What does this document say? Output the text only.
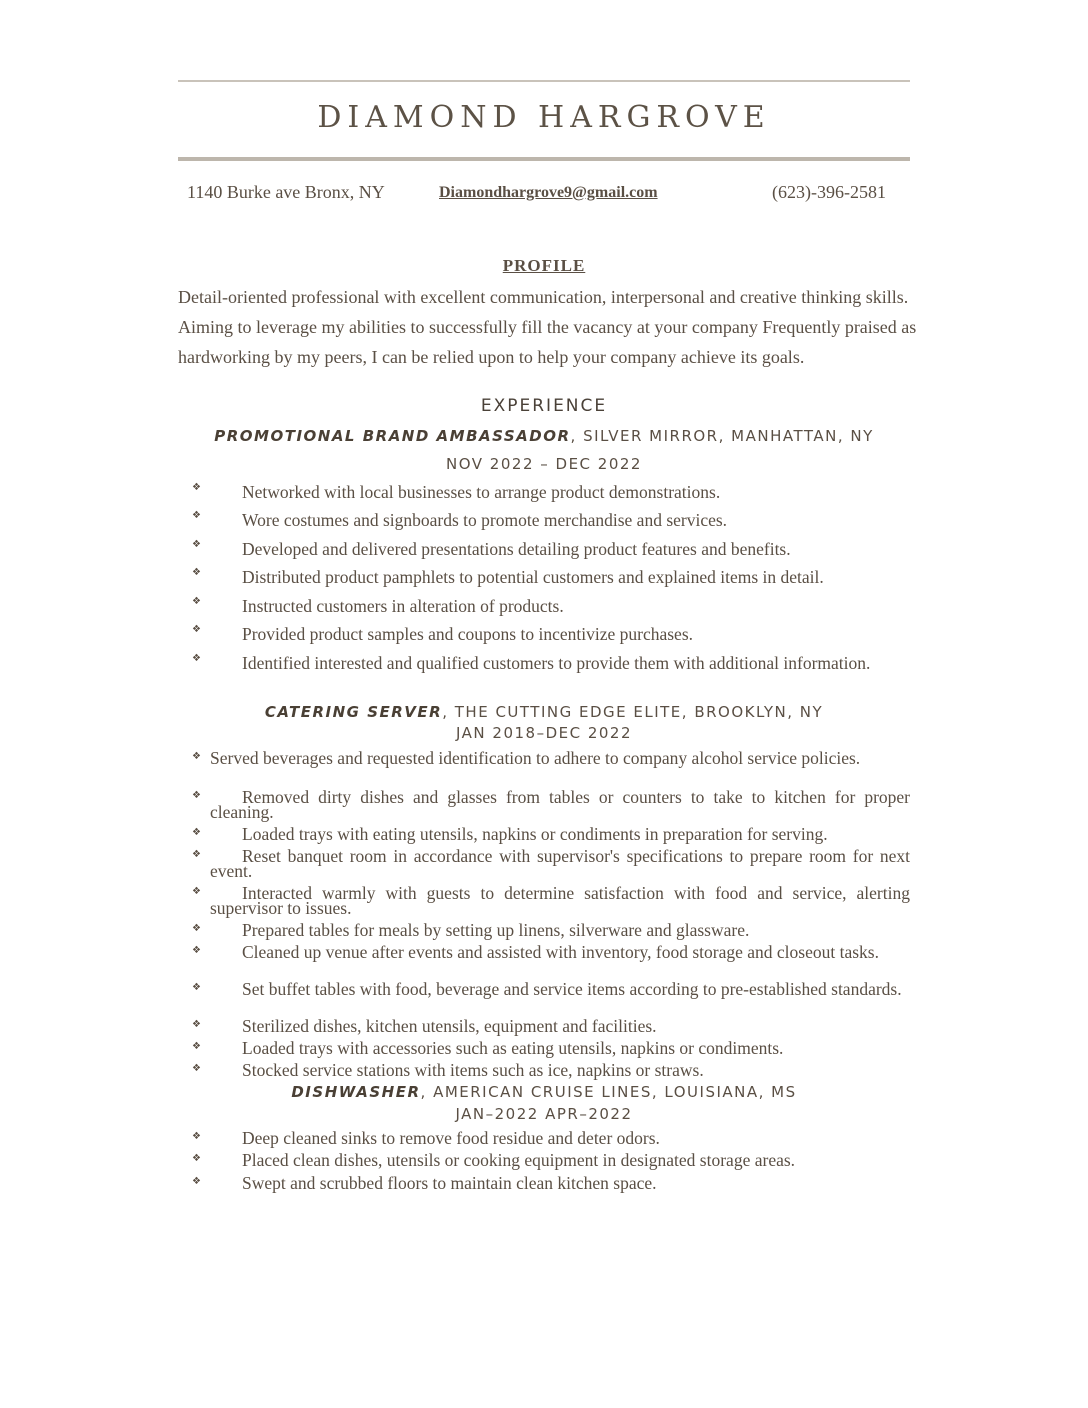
DIAMOND HARGROVE
1140 Burke ave Bronx, NY	Diamondhargrove9@gmail.com	(623)-396-2581
PROFILE
Detail-oriented professional with excellent communication, interpersonal and creative thinking skills. Aiming to leverage my abilities to successfully fill the vacancy at your company Frequently praised as hardworking by my peers, I can be relied upon to help your company achieve its goals.
EXPERIENCE
PROMOTIONAL BRAND AMBASSADOR, SILVER MIRROR, MANHATTAN, NY
NOV 2022 – DEC 2022
❖	Networked with local businesses to arrange product demonstrations.
❖	Wore costumes and signboards to promote merchandise and services.
❖	Developed and delivered presentations detailing product features and benefits.
❖	Distributed product pamphlets to potential customers and explained items in detail.
❖	Instructed customers in alteration of products.
❖	Provided product samples and coupons to incentivize purchases.
❖	Identified interested and qualified customers to provide them with additional information.
CATERING SERVER, THE CUTTING EDGE ELITE, BROOKLYN, NY
JAN 2018–DEC 2022
❖ Served beverages and requested identification to adhere to company alcohol service policies.
❖	Removed dirty dishes and glasses from tables or counters to take to kitchen for proper cleaning.
❖	Loaded trays with eating utensils, napkins or condiments in preparation for serving.
❖	Reset banquet room in accordance with supervisor's specifications to prepare room for next event.
❖	Interacted warmly with guests to determine satisfaction with food and service, alerting supervisor to issues.
❖	Prepared tables for meals by setting up linens, silverware and glassware.
❖	Cleaned up venue after events and assisted with inventory, food storage and closeout tasks.
❖	Set buffet tables with food, beverage and service items according to pre-established standards.
❖	Sterilized dishes, kitchen utensils, equipment and facilities.
❖	Loaded trays with accessories such as eating utensils, napkins or condiments.
❖	Stocked service stations with items such as ice, napkins or straws.
DISHWASHER, AMERICAN CRUISE LINES, LOUISIANA, MS
JAN–2022 APR–2022
❖	Deep cleaned sinks to remove food residue and deter odors.
❖	Placed clean dishes, utensils or cooking equipment in designated storage areas.
❖	Swept and scrubbed floors to maintain clean kitchen space.
